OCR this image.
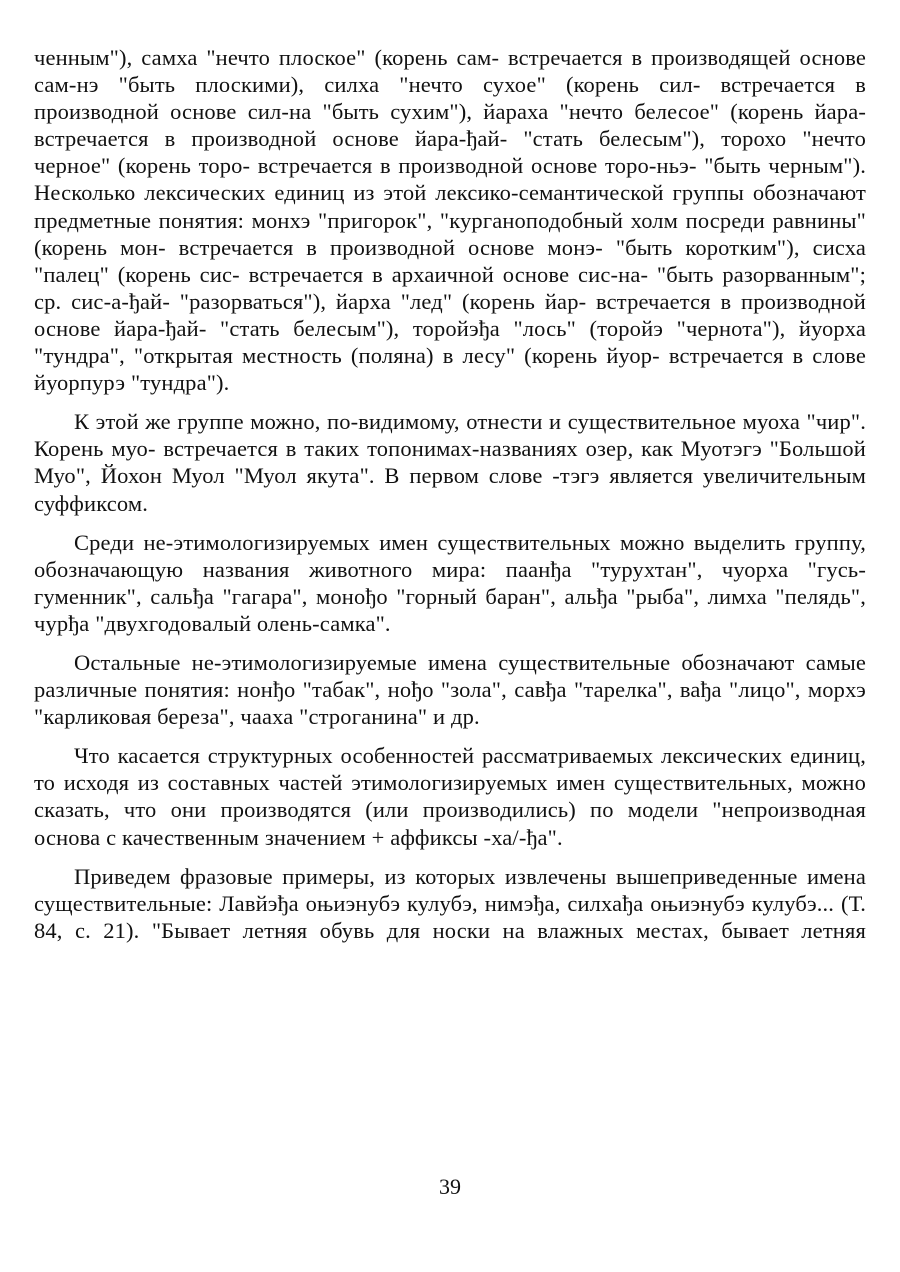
ченным"), самха "нечто плоское" (корень сам- встречается в производящей основе сам-нэ "быть плоскими), силха "нечто сухое" (корень сил- встречается в производной основе сил-на "быть сухим"), йараха "нечто белесое" (корень йара- встречается в производной основе йара-ђай- "стать белесым"), торохо "нечто черное" (корень торо- встречается в производной основе торо-ньэ- "быть черным"). Несколько лексических единиц из этой лексико-семантической группы обозначают предметные понятия: монхэ "пригорок", "курганоподобный холм посреди равнины" (корень мон- встречается в производной основе монэ- "быть коротким"), сисха "палец" (корень сис- встречается в архаичной основе сис-на- "быть разорванным"; ср. сис-а-ђай- "разорваться"), йарха "лед" (корень йар- встречается в производной основе йара-ђай- "стать белесым"), торойэђа "лось" (торойэ "чернота"), йуорха "тундра", "открытая местность (поляна) в лесу" (корень йуор- встречается в слове йуорпурэ "тундра").

К этой же группе можно, по-видимому, отнести и существительное муоха "чир". Корень муо- встречается в таких топонимах-названиях озер, как Муотэгэ "Большой Муо", Йохон Муол "Муол якута". В первом слове -тэгэ является увеличительным суффиксом.

Среди не-этимологизируемых имен существительных можно выделить группу, обозначающую названия животного мира: паанђа "турухтан", чуорха "гусь-гуменник", сальђа "гагара", монођо "горный баран", альђа "рыба", лимха "пелядь", чурђа "двухгодовалый олень-самка".

Остальные не-этимологизируемые имена существительные обозначают самые различные понятия: нонђо "табак", нођо "зола", савђа "тарелка", вађа "лицо", морхэ "карликовая береза", чааха "строганина" и др.

Что касается структурных особенностей рассматриваемых лексических единиц, то исходя из составных частей этимологизируемых имен существительных, можно сказать, что они производятся (или производились) по модели "непроизводная основа с качественным значением + аффиксы -ха/-ђа".

Приведем фразовые примеры, из которых извлечены вышеприведенные имена существительные: Лавйэђа оњиэнубэ кулубэ, нимэђа, силхађа оњиэнубэ кулубэ... (Т. 84, с. 21). "Бывает летняя обувь для носки на влажных местах, бывает летняя

39
